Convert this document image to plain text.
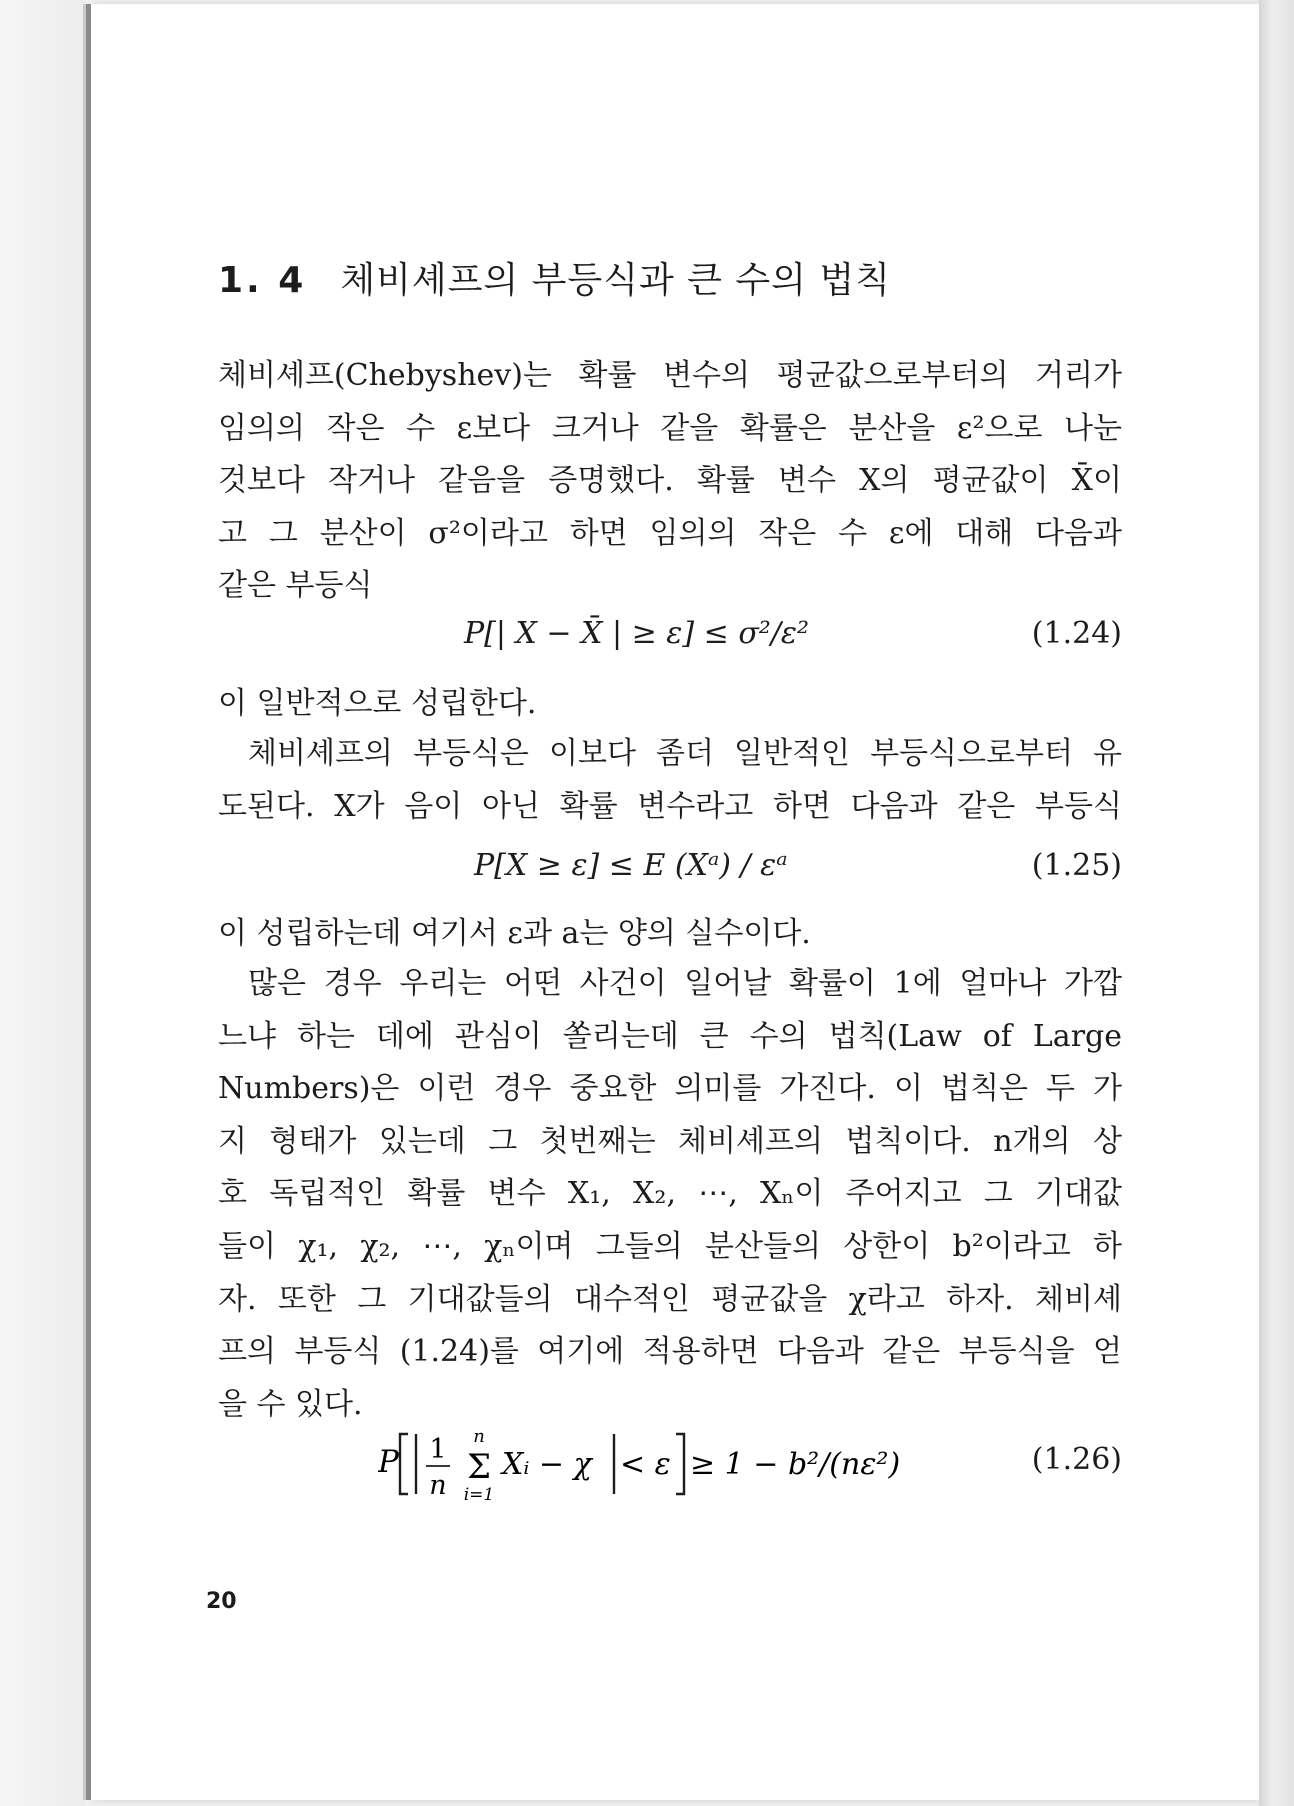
1. 4 체비셰프의 부등식과 큰 수의 법칙
체비셰프(Chebyshev)는 확률 변수의 평균값으로부터의 거리가
임의의 작은 수 ε보다 크거나 같을 확률은 분산을 ε²으로 나눈
것보다 작거나 같음을 증명했다. 확률 변수 X의 평균값이 X̄이
고 그 분산이 σ²이라고 하면 임의의 작은 수 ε에 대해 다음과
같은 부등식
P[| X − X̄ | ≥ ε] ≤ σ²/ε²	(1.24)
이 일반적으로 성립한다.
체비셰프의 부등식은 이보다 좀더 일반적인 부등식으로부터 유
도된다. X가 음이 아닌 확률 변수라고 하면 다음과 같은 부등식
P[X ≥ ε] ≤ E (Xᵃ) / εᵃ	(1.25)
이 성립하는데 여기서 ε과 a는 양의 실수이다.
많은 경우 우리는 어떤 사건이 일어날 확률이 1에 얼마나 가깝
느냐 하는 데에 관심이 쏠리는데 큰 수의 법칙(Law of Large
Numbers)은 이런 경우 중요한 의미를 가진다. 이 법칙은 두 가
지 형태가 있는데 그 첫번째는 체비셰프의 법칙이다. n개의 상
호 독립적인 확률 변수 X₁, X₂, ⋯, Xₙ이 주어지고 그 기대값
들이 χ₁, χ₂, ⋯, χₙ이며 그들의 분산들의 상한이 b²이라고 하
자. 또한 그 기대값들의 대수적인 평균값을 χ라고 하자. 체비셰
프의 부등식 (1.24)를 여기에 적용하면 다음과 같은 부등식을 얻
을 수 있다.
P 1
n
n
Σ
i=1
Xᵢ − χ < ε ≥ 1 − b²/(nε²)	(1.26)
20
